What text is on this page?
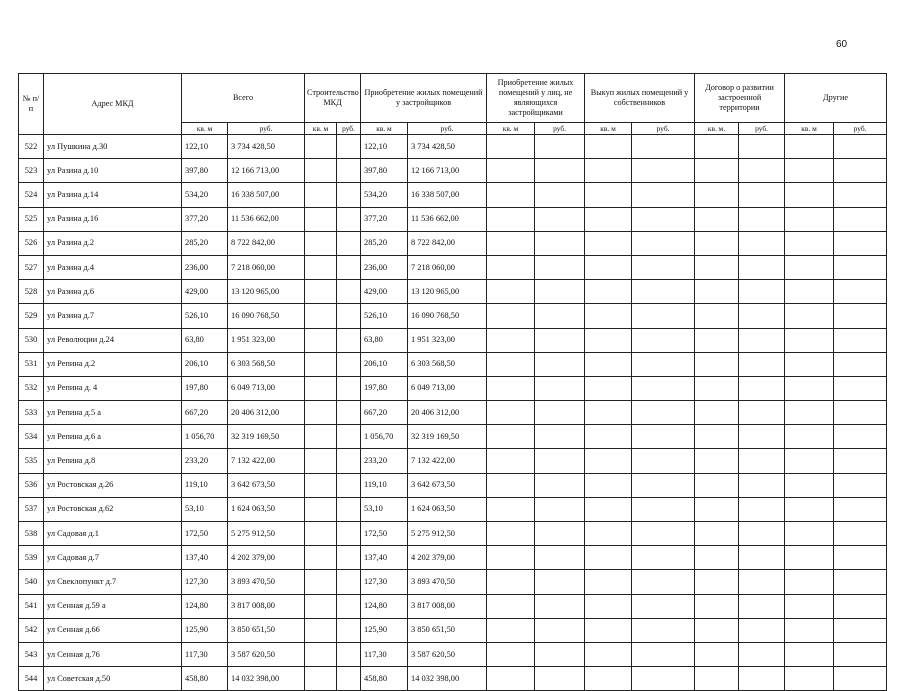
60
№ п/п	Адрес МКД	Всего		Строительство МКД		Приобретение жилых помещений у застройщиков		Приобретение жилых помещений у лиц, не являющихся застройщиками		Выкуп жилых помещений у собственников		Договор о развитии застроенной территории		Другие	
		кв. м	руб.	кв. м	руб.	кв. м	руб.	кв. м	руб.	кв. м	руб.	кв. м.	руб.	кв. м	руб.
522	ул Пушкина д.30	122,10	3 734 428,50			122,10	3 734 428,50								
523	ул Разина д.10	397,80	12 166 713,00			397,80	12 166 713,00								
524	ул Разина д.14	534,20	16 338 507,00			534,20	16 338 507,00								
525	ул Разина д.16	377,20	11 536 662,00			377,20	11 536 662,00								
526	ул Разина д.2	285,20	8 722 842,00			285,20	8 722 842,00								
527	ул Разина д.4	236,00	7 218 060,00			236,00	7 218 060,00								
528	ул Разина д.6	429,00	13 120 965,00			429,00	13 120 965,00								
529	ул Разина д.7	526,10	16 090 768,50			526,10	16 090 768,50								
530	ул Революции д.24	63,80	1 951 323,00			63,80	1 951 323,00								
531	ул Репина д.2	206,10	6 303 568,50			206,10	6 303 568,50								
532	ул Репина д. 4	197,80	6 049 713,00			197,80	6 049 713,00								
533	ул Репина д.5 а	667,20	20 406 312,00			667,20	20 406 312,00								
534	ул Репина д.6 а	1 056,70	32 319 169,50			1 056,70	32 319 169,50								
535	ул Репина д.8	233,20	7 132 422,00			233,20	7 132 422,00								
536	ул Ростовская д.26	119,10	3 642 673,50			119,10	3 642 673,50								
537	ул Ростовская д.62	53,10	1 624 063,50			53,10	1 624 063,50								
538	ул Садовая д.1	172,50	5 275 912,50			172,50	5 275 912,50								
539	ул Садовая д.7	137,40	4 202 379,00			137,40	4 202 379,00								
540	ул Свеклопункт д.7	127,30	3 893 470,50			127,30	3 893 470,50								
541	ул Сенная д.59 а	124,80	3 817 008,00			124,80	3 817 008,00								
542	ул Сенная д.66	125,90	3 850 651,50			125,90	3 850 651,50								
543	ул Сенная д.76	117,30	3 587 620,50			117,30	3 587 620,50								
544	ул Советская д.50	458,80	14 032 398,00			458,80	14 032 398,00								
